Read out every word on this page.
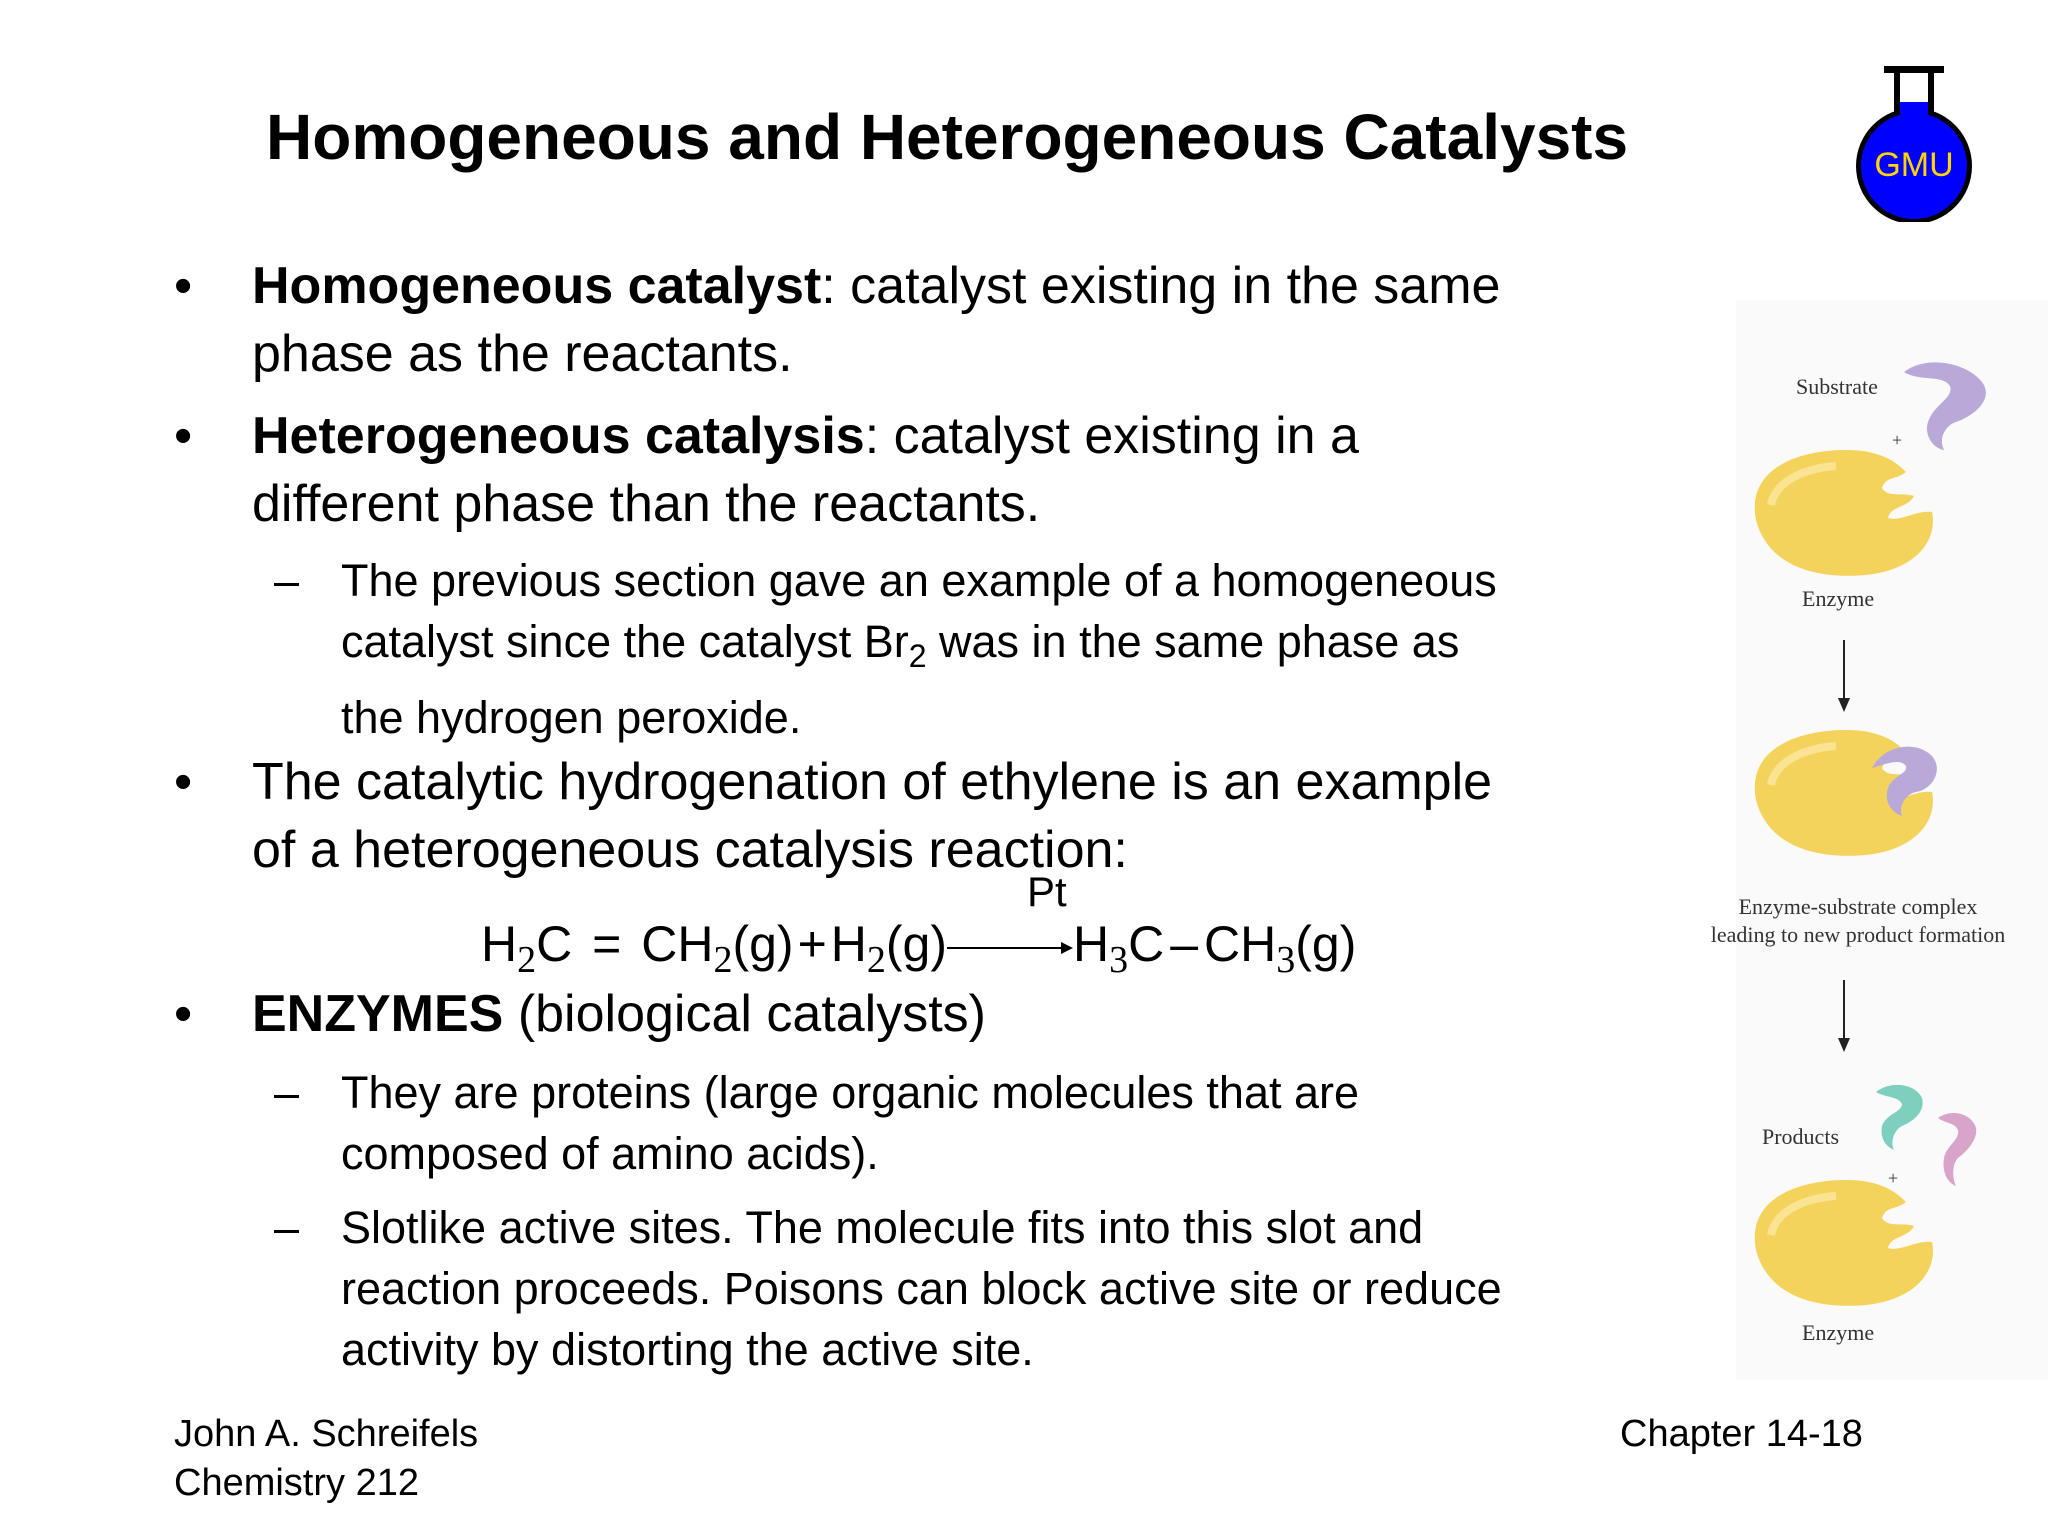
Homogeneous and Heterogeneous Catalysts	GMU
• Homogeneous catalyst: catalyst existing in the same
phase as the reactants.
• Heterogeneous catalysis: catalyst existing in a
different phase than the reactants.
– The previous section gave an example of a homogeneous
catalyst since the catalyst $Br_2$ was in the same phase as
the hydrogen peroxide.
• The catalytic hydrogenation of ethylene is an example
of a heterogeneous catalysis reaction:
Pt
$H_2C = CH_2(g)+H_2(g)\to H_3C - CH_3(g)$
• ENZYMES (biological catalysts)
– They are proteins (large organic molecules that are
composed of amino acids).
– Slotlike active sites. The molecule fits into this slot and
reaction proceeds. Poisons can block active site or reduce
activity by distorting the active site.
John A. Schreifels
Chemistry 212
Chapter 14-18
Substrate
+
Enzyme
Enzyme-substrate complex
leading to new product formation
Products
+
Enzyme
